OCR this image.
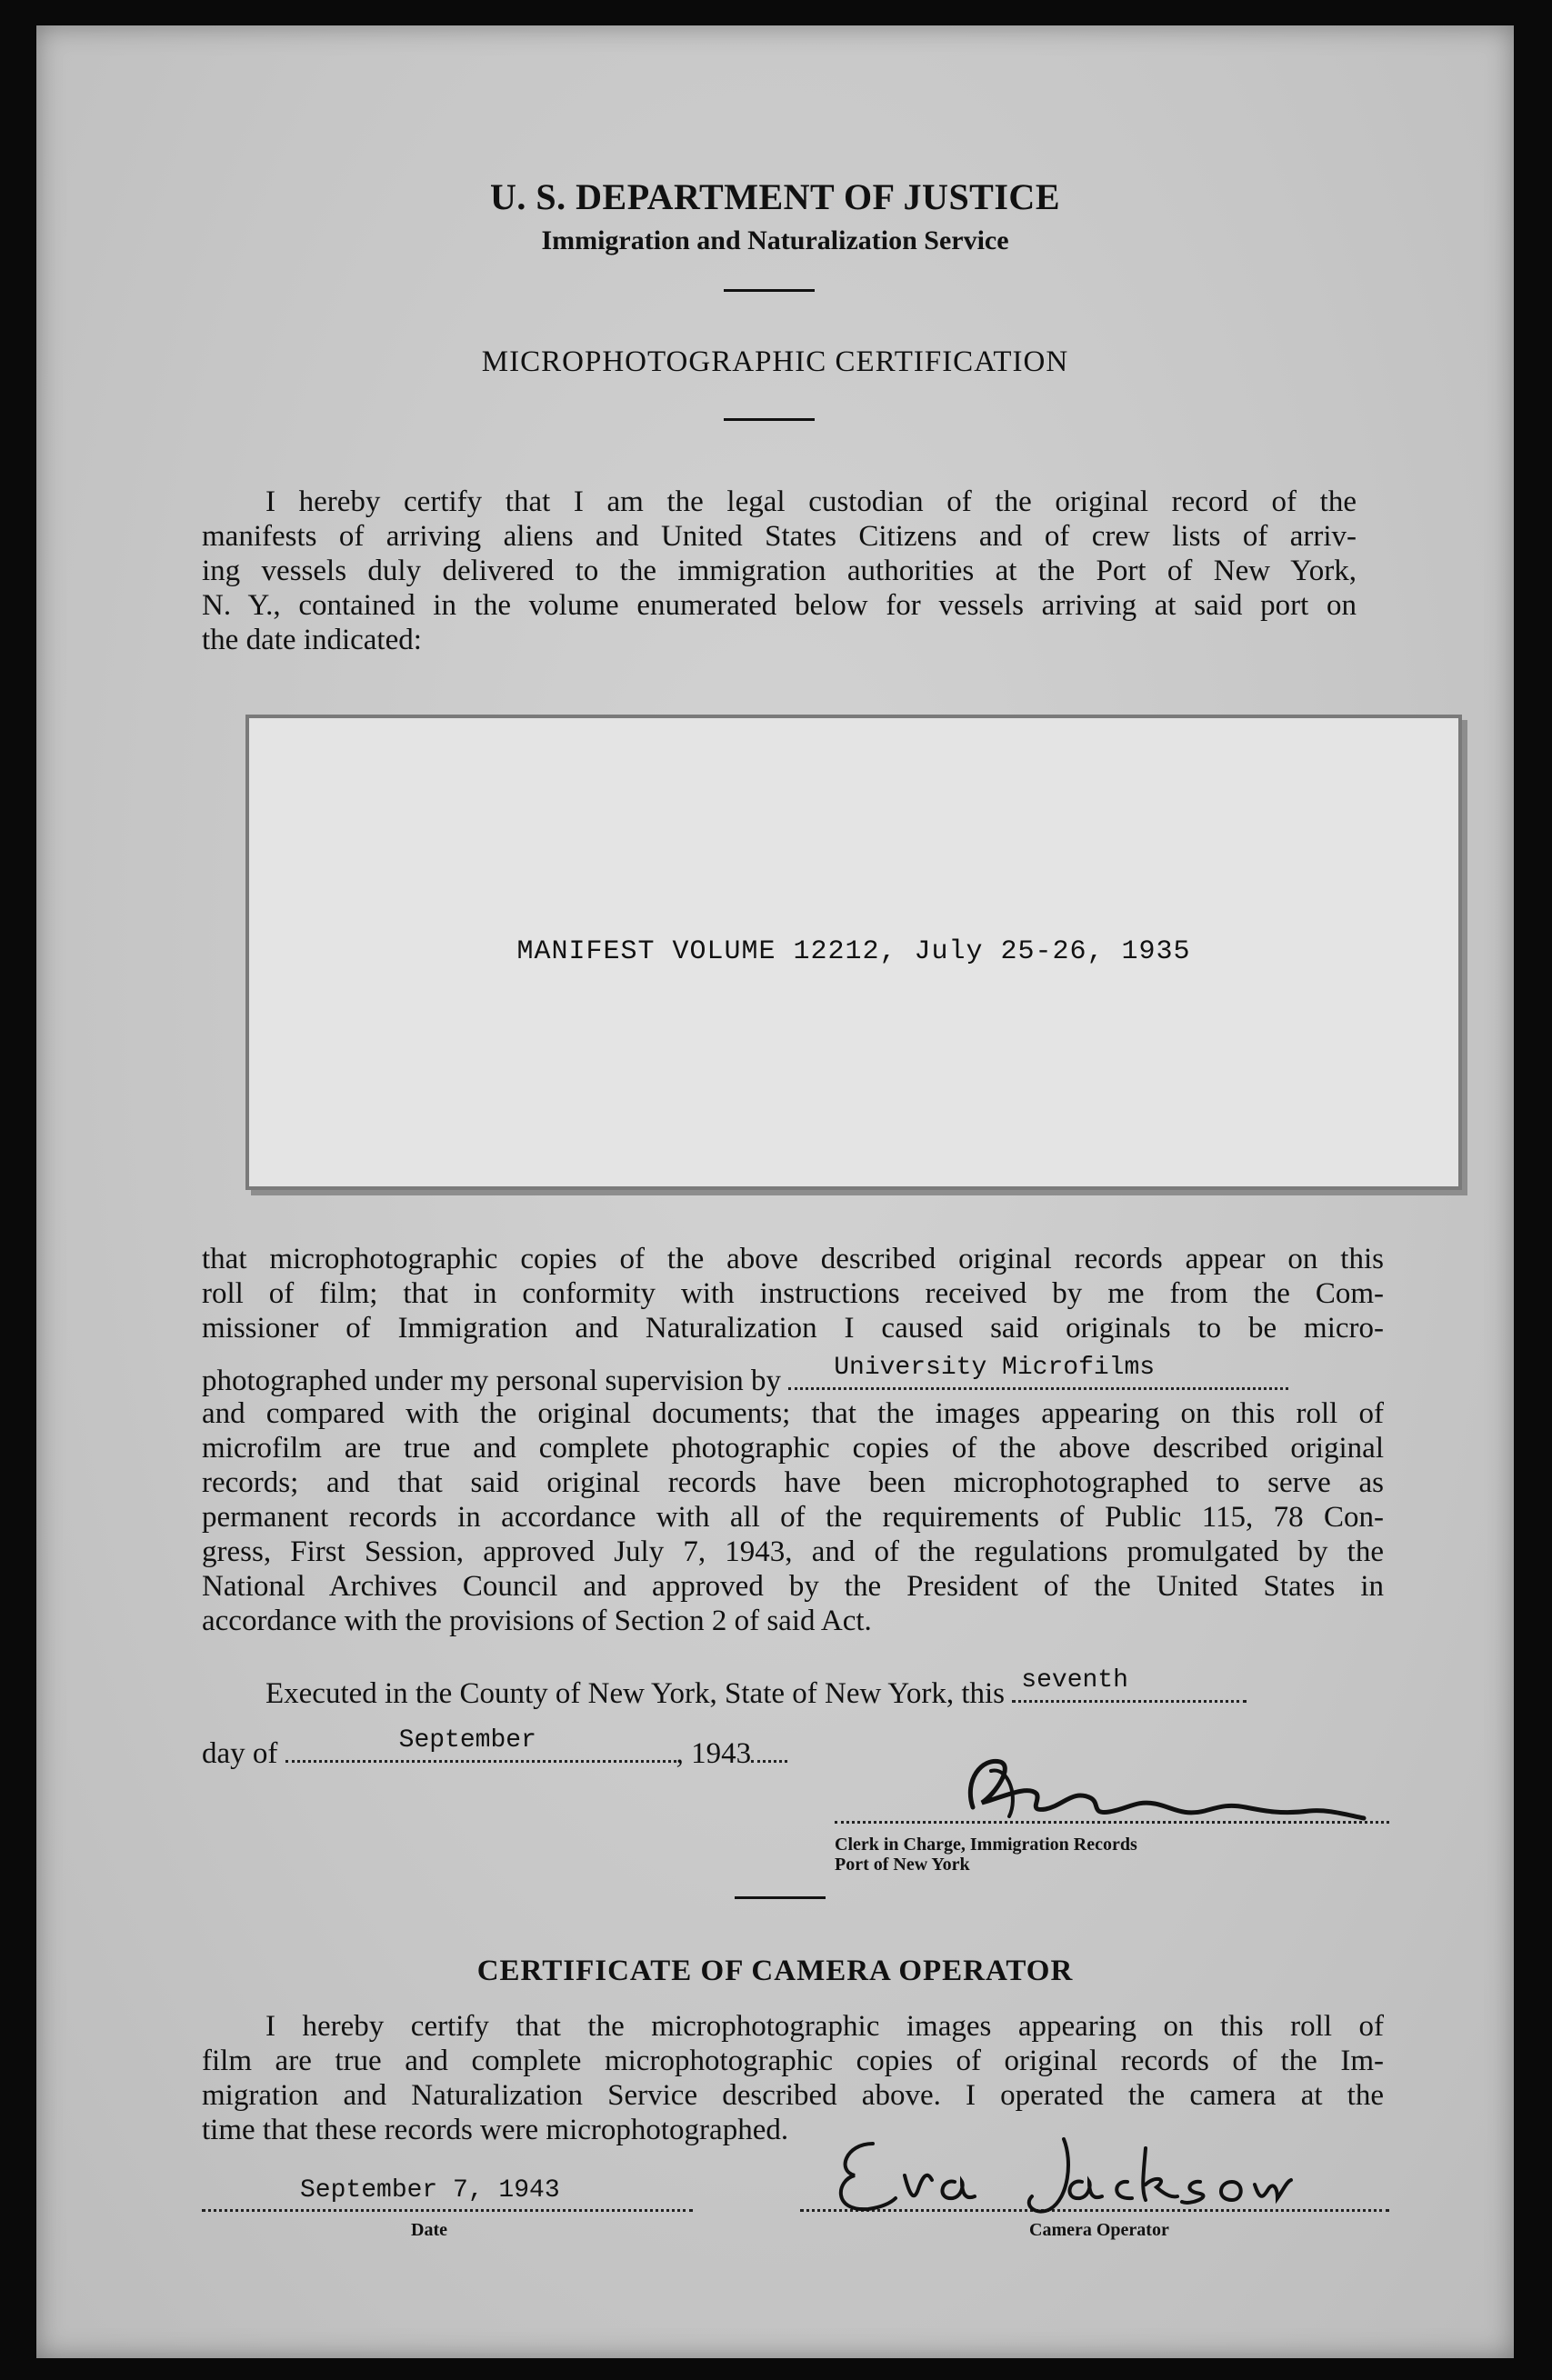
U. S. DEPARTMENT OF JUSTICE
Immigration and Naturalization Service
MICROPHOTOGRAPHIC CERTIFICATION
I hereby certify that I am the legal custodian of the original record of the
manifests of arriving aliens and United States Citizens and of crew lists of arriv-
ing vessels duly delivered to the immigration authorities at the Port of New York,
N. Y., contained in the volume enumerated below for vessels arriving at said port on
the date indicated:
MANIFEST VOLUME 12212, July 25-26, 1935
that microphotographic copies of the above described original records appear on this
roll of film; that in conformity with instructions received by me from the Com-
missioner of Immigration and Naturalization I caused said originals to be micro-
photographed under my personal supervision by University Microfilms
and compared with the original documents; that the images appearing on this roll of
microfilm are true and complete photographic copies of the above described original
records; and that said original records have been microphotographed to serve as
permanent records in accordance with all of the requirements of Public 115, 78 Con-
gress, First Session, approved July 7, 1943, and of the regulations promulgated by the
National Archives Council and approved by the President of the United States in
accordance with the provisions of Section 2 of said Act.
Executed in the County of New York, State of New York, this seventh
day of	September	, 1943
Clerk in Charge, Immigration Records
Port of New York
CERTIFICATE OF CAMERA OPERATOR
I hereby certify that the microphotographic images appearing on this roll of
film are true and complete microphotographic copies of original records of the Im-
migration and Naturalization Service described above. I operated the camera at the
time that these records were microphotographed.
September 7, 1943
Date	Camera Operator
